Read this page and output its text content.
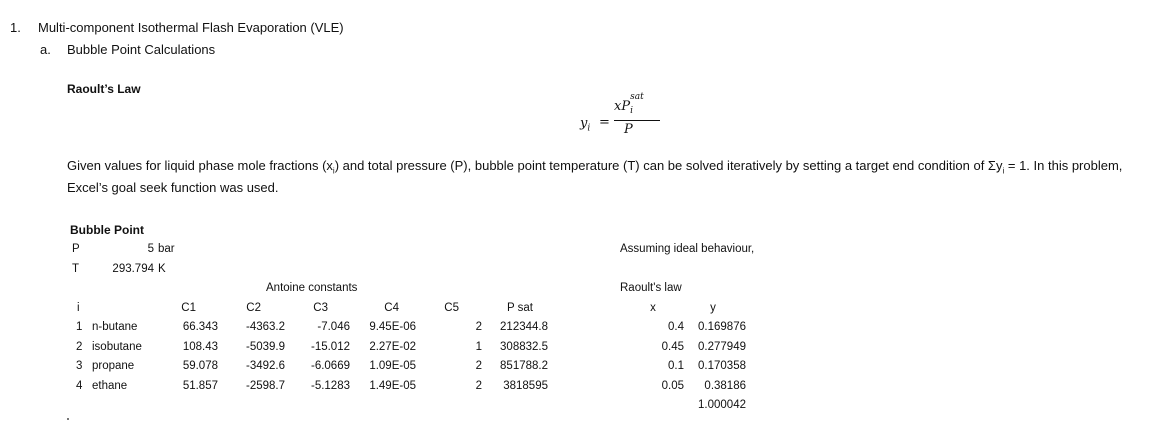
1. Multi-component Isothermal Flash Evaporation (VLE)
a. Bubble Point Calculations
Raoult’s Law
$y_i$ =
xP
sat
i
P
Given values for liquid phase mole fractions $(x_i)$ and total pressure (P), bubble point temperature (T) can be solved iteratively by setting a target end condition of $\Sigma y_i = 1$. In this problem,
Excel’s goal seek function was used.
Bubble Point
P	5 bar
T	293.794 K
Antoine constants
i	C1	C2	C3	C4	C5	P sat
1 n-butane	66.343	-4363.2	-7.046	9.45E-06	2	212344.8
2 isobutane	108.43	-5039.9	-15.012	2.27E-02	1	308832.5
3 propane	59.078	-3492.6	-6.0669	1.09E-05	2	851788.2
4 ethane	51.857	-2598.7	-5.1283	1.49E-05	2	3818595
Assuming ideal behaviour,
Raoult's law
x	y
0.4	0.169876
0.45	0.277949
0.1	0.170358
0.05	0.38186
1.000042
